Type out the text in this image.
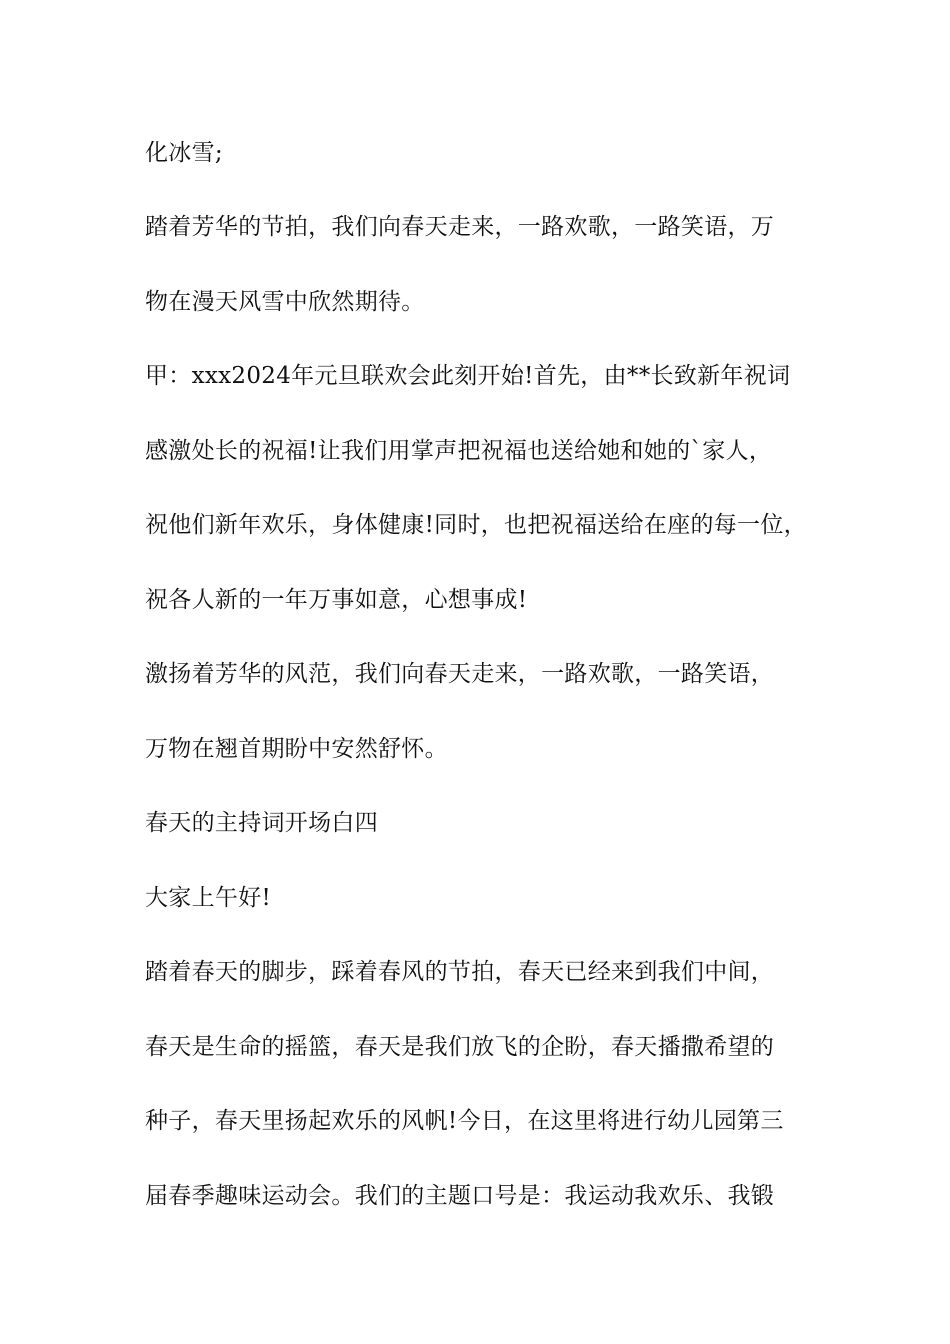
化冰雪;
踏着芳华的节拍，我们向春天走来，一路欢歌，一路笑语，万
物在漫天风雪中欣然期待。
甲：xxx2024年元旦联欢会此刻开始!首先，由**长致新年祝词
感激处长的祝福!让我们用掌声把祝福也送给她和她的`家人，
祝他们新年欢乐，身体健康!同时，也把祝福送给在座的每一位，
祝各人新的一年万事如意，心想事成!
激扬着芳华的风范，我们向春天走来，一路欢歌，一路笑语，
万物在翘首期盼中安然舒怀。
春天的主持词开场白四
大家上午好!
踏着春天的脚步，踩着春风的节拍，春天已经来到我们中间，
春天是生命的摇篮，春天是我们放飞的企盼，春天播撒希望的
种子，春天里扬起欢乐的风帆!今日，在这里将进行幼儿园第三
届春季趣味运动会。我们的主题口号是：我运动我欢乐、我锻
